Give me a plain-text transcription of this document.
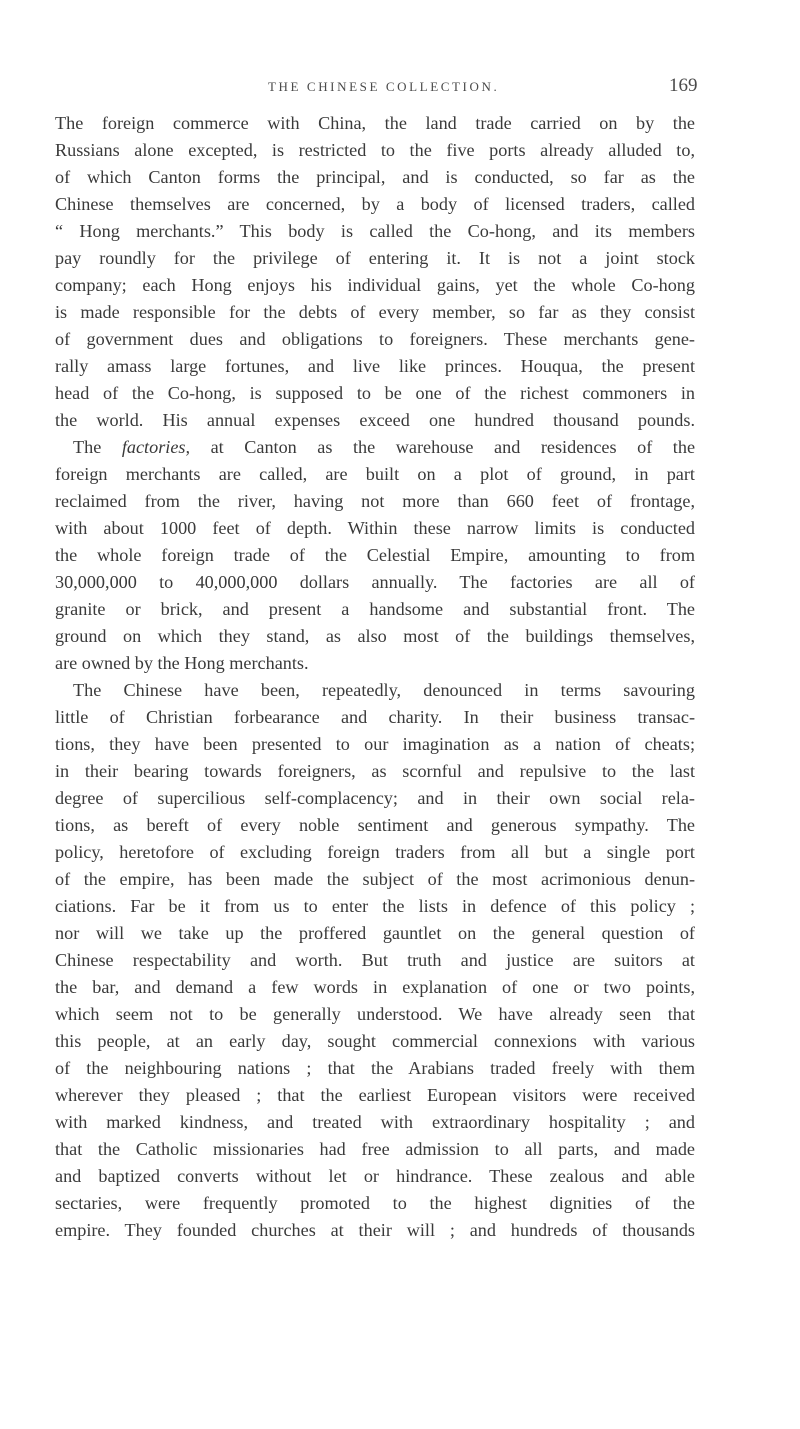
THE CHINESE COLLECTION.	169
The foreign commerce with China, the land trade carried on by the
Russians alone excepted, is restricted to the five ports already alluded to,
of which Canton forms the principal, and is conducted, so far as the
Chinese themselves are concerned, by a body of licensed traders, called
“ Hong merchants.” This body is called the Co-hong, and its members
pay roundly for the privilege of entering it. It is not a joint stock
company; each Hong enjoys his individual gains, yet the whole Co-hong
is made responsible for the debts of every member, so far as they consist
of government dues and obligations to foreigners. These merchants gene-
rally amass large fortunes, and live like princes. Houqua, the present
head of the Co-hong, is supposed to be one of the richest commoners in
the world. His annual expenses exceed one hundred thousand pounds.
The factories, at Canton as the warehouse and residences of the
foreign merchants are called, are built on a plot of ground, in part
reclaimed from the river, having not more than 660 feet of frontage,
with about 1000 feet of depth. Within these narrow limits is conducted
the whole foreign trade of the Celestial Empire, amounting to from
30,000,000 to 40,000,000 dollars annually. The factories are all of
granite or brick, and present a handsome and substantial front. The
ground on which they stand, as also most of the buildings themselves,
are owned by the Hong merchants.
The Chinese have been, repeatedly, denounced in terms savouring
little of Christian forbearance and charity. In their business transac-
tions, they have been presented to our imagination as a nation of cheats;
in their bearing towards foreigners, as scornful and repulsive to the last
degree of supercilious self-complacency; and in their own social rela-
tions, as bereft of every noble sentiment and generous sympathy. The
policy, heretofore of excluding foreign traders from all but a single port
of the empire, has been made the subject of the most acrimonious denun-
ciations. Far be it from us to enter the lists in defence of this policy ;
nor will we take up the proffered gauntlet on the general question of
Chinese respectability and worth. But truth and justice are suitors at
the bar, and demand a few words in explanation of one or two points,
which seem not to be generally understood. We have already seen that
this people, at an early day, sought commercial connexions with various
of the neighbouring nations ; that the Arabians traded freely with them
wherever they pleased ; that the earliest European visitors were received
with marked kindness, and treated with extraordinary hospitality ; and
that the Catholic missionaries had free admission to all parts, and made
and baptized converts without let or hindrance. These zealous and able
sectaries, were frequently promoted to the highest dignities of the
empire. They founded churches at their will ; and hundreds of thousands
